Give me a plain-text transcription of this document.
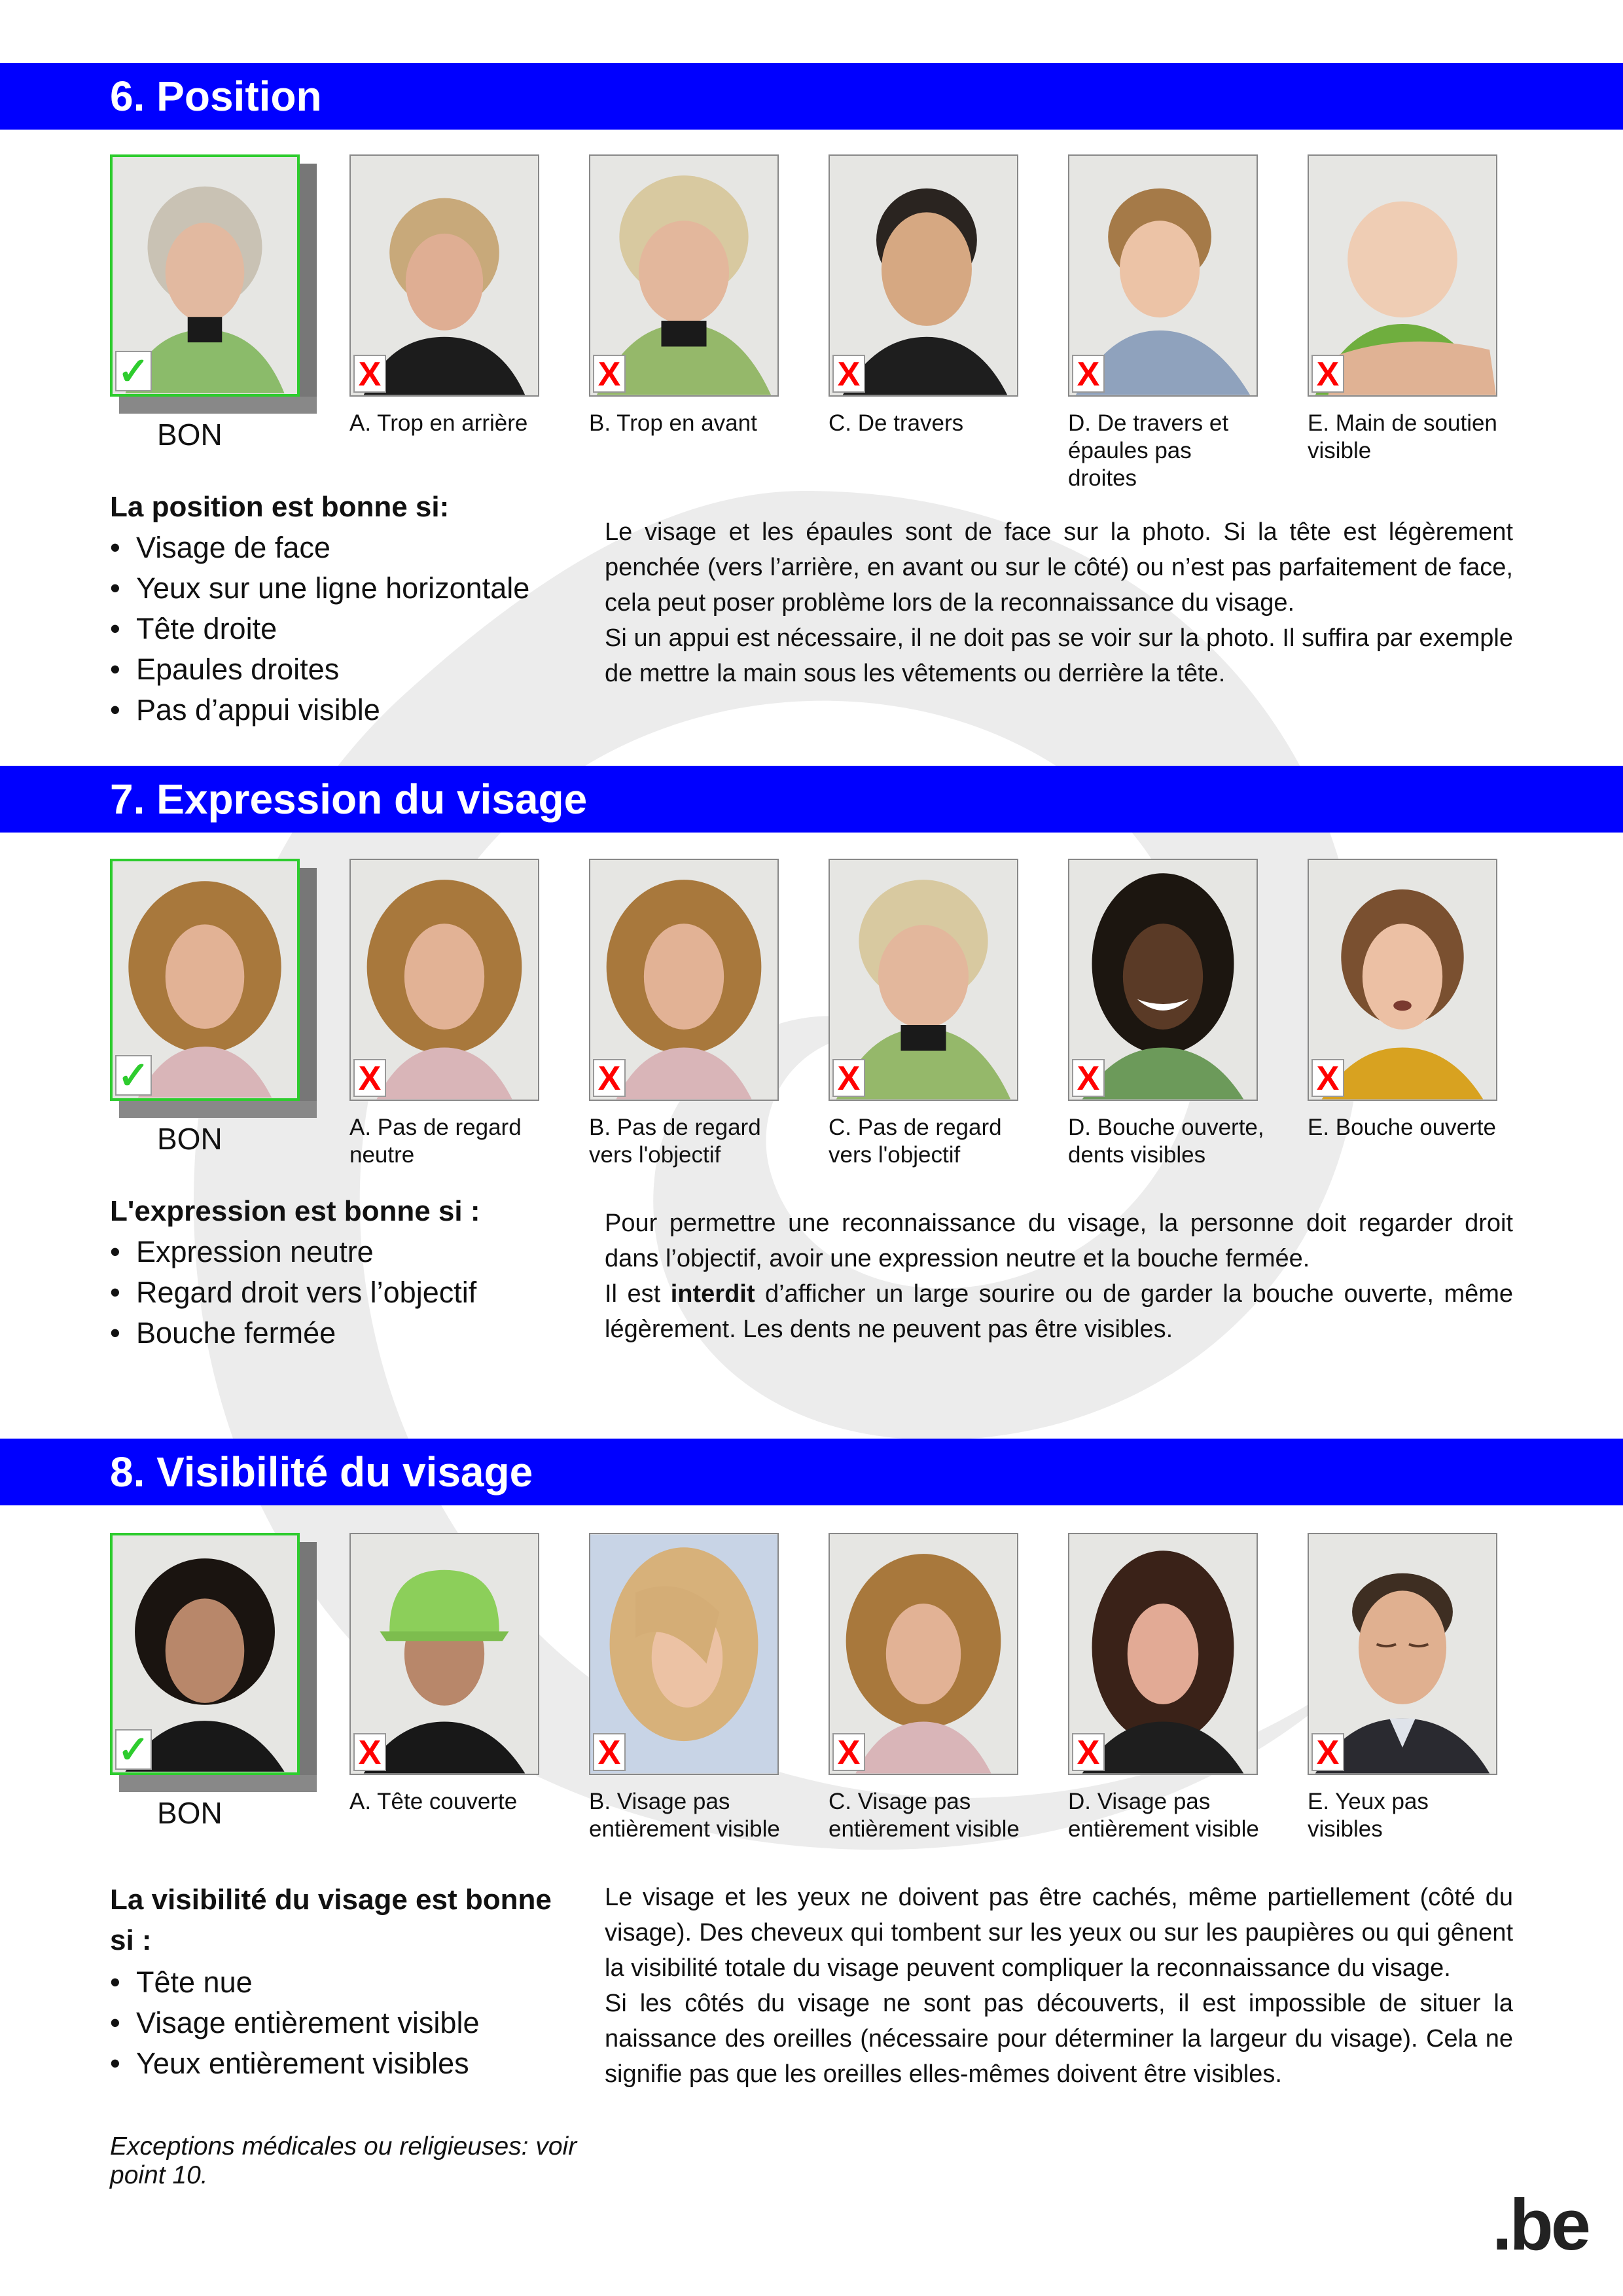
6. Position
✓
BON
X
A. Trop en arrière
X
B. Trop en avant
X
C. De travers
X
D. De travers et épaules pas droites
X
E. Main de soutien visible
La position est bonne si:
• Visage de face
• Yeux sur une ligne horizontale
• Tête droite
• Epaules droites
• Pas d’appui visible

Le visage et les épaules sont de face sur la photo. Si la tête est légèrement penchée (vers l’arrière, en avant ou sur le côté) ou n’est pas parfaitement de face, cela peut poser problème lors de la reconnaissance du visage.

Si un appui est nécessaire, il ne doit pas se voir sur la photo. Il suffira par exemple de mettre la main sous les vêtements ou derrière la tête.

7. Expression du visage
✓
BON
X
A. Pas de regard neutre
X
B. Pas de regard vers l'objectif
X
C. Pas de regard vers l'objectif
X
D. Bouche ouverte, dents visibles
X
E. Bouche ouverte
L'expression est bonne si :
• Expression neutre
• Regard droit vers l’objectif
• Bouche fermée

Pour permettre une reconnaissance du visage, la personne doit regarder droit dans l’objectif, avoir une expression neutre et la bouche fermée.

Il est interdit d’afficher un large sourire ou de garder la bouche ouverte, même légèrement. Les dents ne peuvent pas être visibles.

8. Visibilité du visage
✓
BON
X
A. Tête couverte
X
B. Visage pas entièrement visible
X
C. Visage pas entièrement visible
X
D. Visage pas entièrement visible
X
E. Yeux pas visibles
La visibilité du visage est bonne si :
• Tête nue
• Visage entièrement visible
• Yeux entièrement visibles

Le visage et les yeux ne doivent pas être cachés, même partiellement (côté du visage). Des cheveux qui tombent sur les yeux ou sur les paupières ou qui gênent la visibilité totale du visage peuvent compliquer la reconnaissance du visage.

Si les côtés du visage ne sont pas découverts, il est impossible de situer la naissance des oreilles (nécessaire pour déterminer la largeur du visage). Cela ne signifie pas que les oreilles elles-mêmes doivent être visibles.

Exceptions médicales ou religieuses: voir point 10.
.be
